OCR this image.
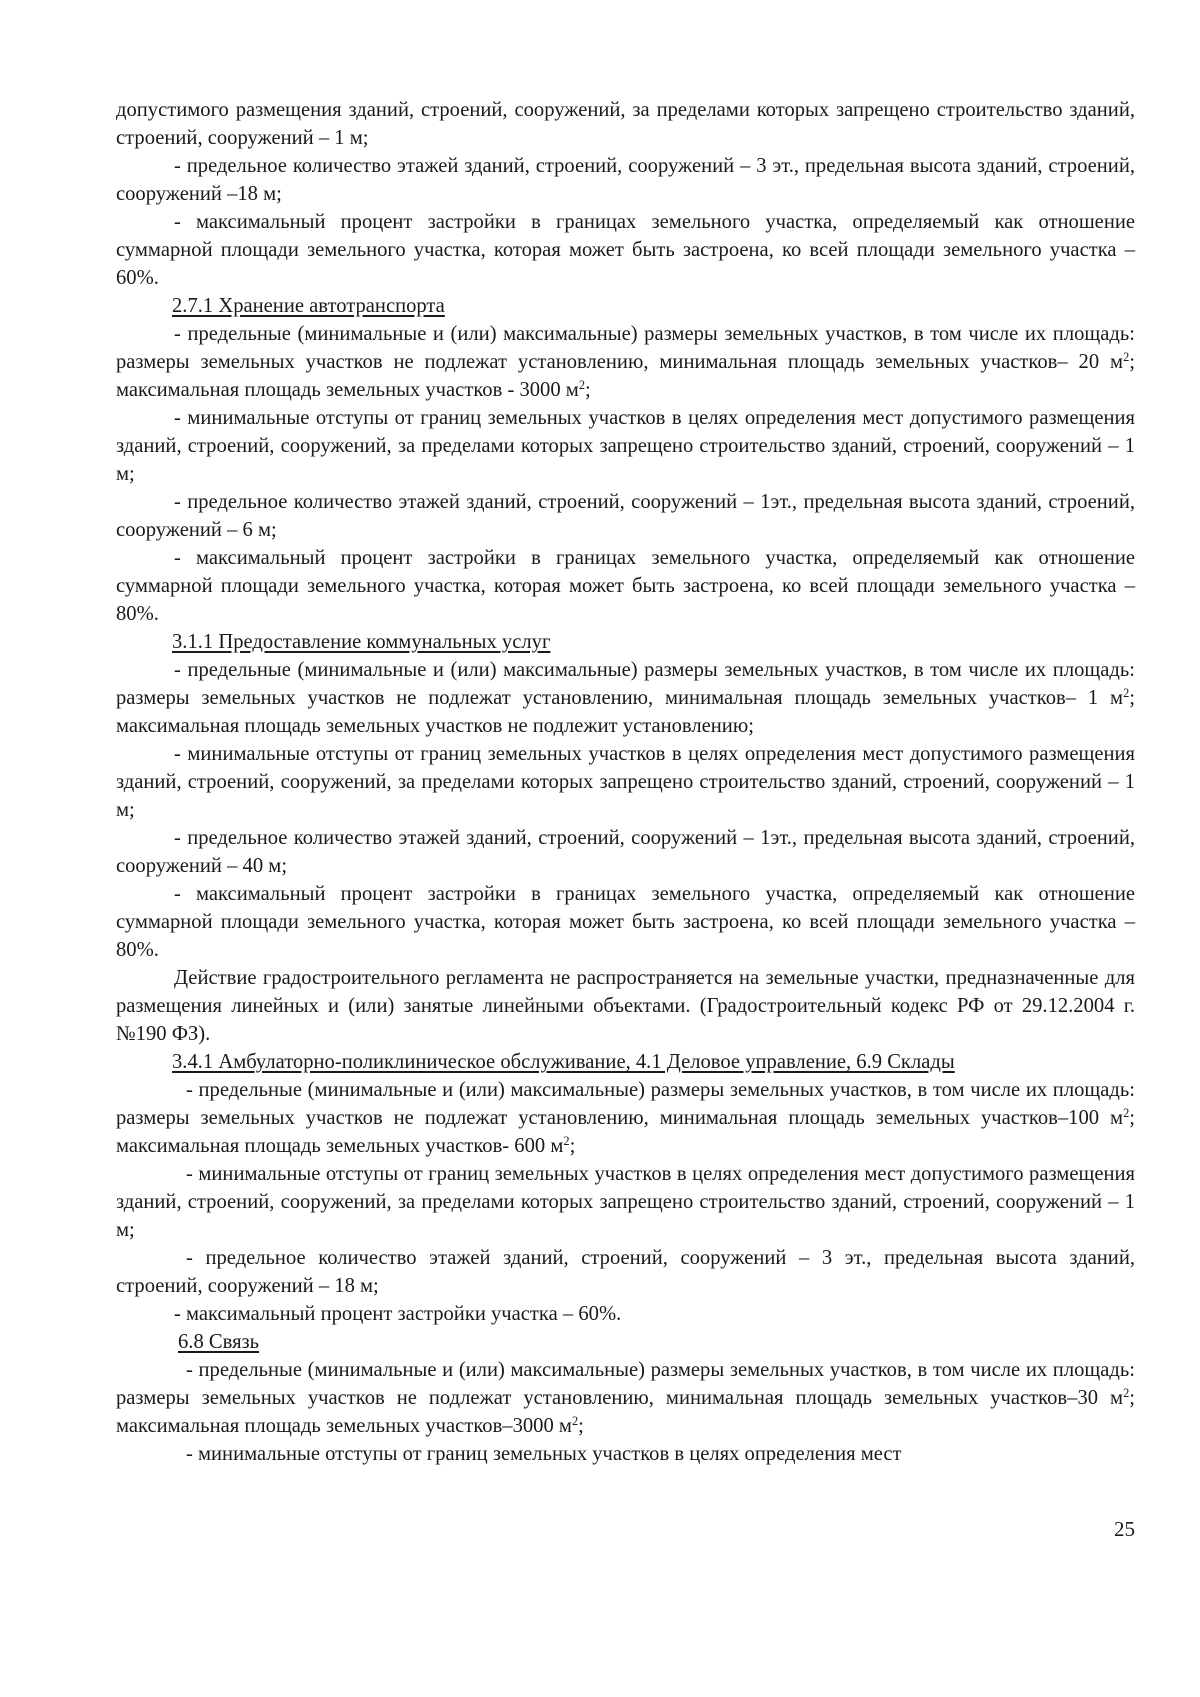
допустимого размещения зданий, строений, сооружений, за пределами которых запрещено строительство зданий, строений, сооружений – 1 м;

- предельное количество этажей зданий, строений, сооружений – 3 эт., предельная высота зданий, строений, сооружений –18 м;

- максимальный процент застройки в границах земельного участка, определяемый как отношение суммарной площади земельного участка, которая может быть застроена, ко всей площади земельного участка – 60%.

2.7.1 Хранение автотранспорта

- предельные (минимальные и (или) максимальные) размеры земельных участков, в том числе их площадь: размеры земельных участков не подлежат установлению, минимальная площадь земельных участков– 20 $м^2$; максимальная площадь земельных участков - 3000 $м^2$;

- минимальные отступы от границ земельных участков в целях определения мест допустимого размещения зданий, строений, сооружений, за пределами которых запрещено строительство зданий, строений, сооружений – 1 м;

- предельное количество этажей зданий, строений, сооружений – 1эт., предельная высота зданий, строений, сооружений – 6 м;

- максимальный процент застройки в границах земельного участка, определяемый как отношение суммарной площади земельного участка, которая может быть застроена, ко всей площади земельного участка – 80%.

3.1.1 Предоставление коммунальных услуг

- предельные (минимальные и (или) максимальные) размеры земельных участков, в том числе их площадь: размеры земельных участков не подлежат установлению, минимальная площадь земельных участков– 1 $м^2$; максимальная площадь земельных участков не подлежит установлению;

- минимальные отступы от границ земельных участков в целях определения мест допустимого размещения зданий, строений, сооружений, за пределами которых запрещено строительство зданий, строений, сооружений – 1 м;

- предельное количество этажей зданий, строений, сооружений – 1эт., предельная высота зданий, строений, сооружений – 40 м;

- максимальный процент застройки в границах земельного участка, определяемый как отношение суммарной площади земельного участка, которая может быть застроена, ко всей площади земельного участка – 80%.

Действие градостроительного регламента не распространяется на земельные участки, предназначенные для размещения линейных и (или) занятые линейными объектами. (Градостроительный кодекс РФ от 29.12.2004 г. №190 ФЗ).

3.4.1 Амбулаторно-поликлиническое обслуживание, 4.1 Деловое управление, 6.9 Склады

- предельные (минимальные и (или) максимальные) размеры земельных участков, в том числе их площадь: размеры земельных участков не подлежат установлению, минимальная площадь земельных участков–100 $м^2$; максимальная площадь земельных участков- 600 $м^2$;

- минимальные отступы от границ земельных участков в целях определения мест допустимого размещения зданий, строений, сооружений, за пределами которых запрещено строительство зданий, строений, сооружений – 1 м;

- предельное количество этажей зданий, строений, сооружений – 3 эт., предельная высота зданий, строений, сооружений – 18 м;

- максимальный процент застройки участка – 60%.

6.8 Связь

- предельные (минимальные и (или) максимальные) размеры земельных участков, в том числе их площадь: размеры земельных участков не подлежат установлению, минимальная площадь земельных участков–30 $м^2$; максимальная площадь земельных участков–3000 $м^2$;

- минимальные отступы от границ земельных участков в целях определения мест

25
